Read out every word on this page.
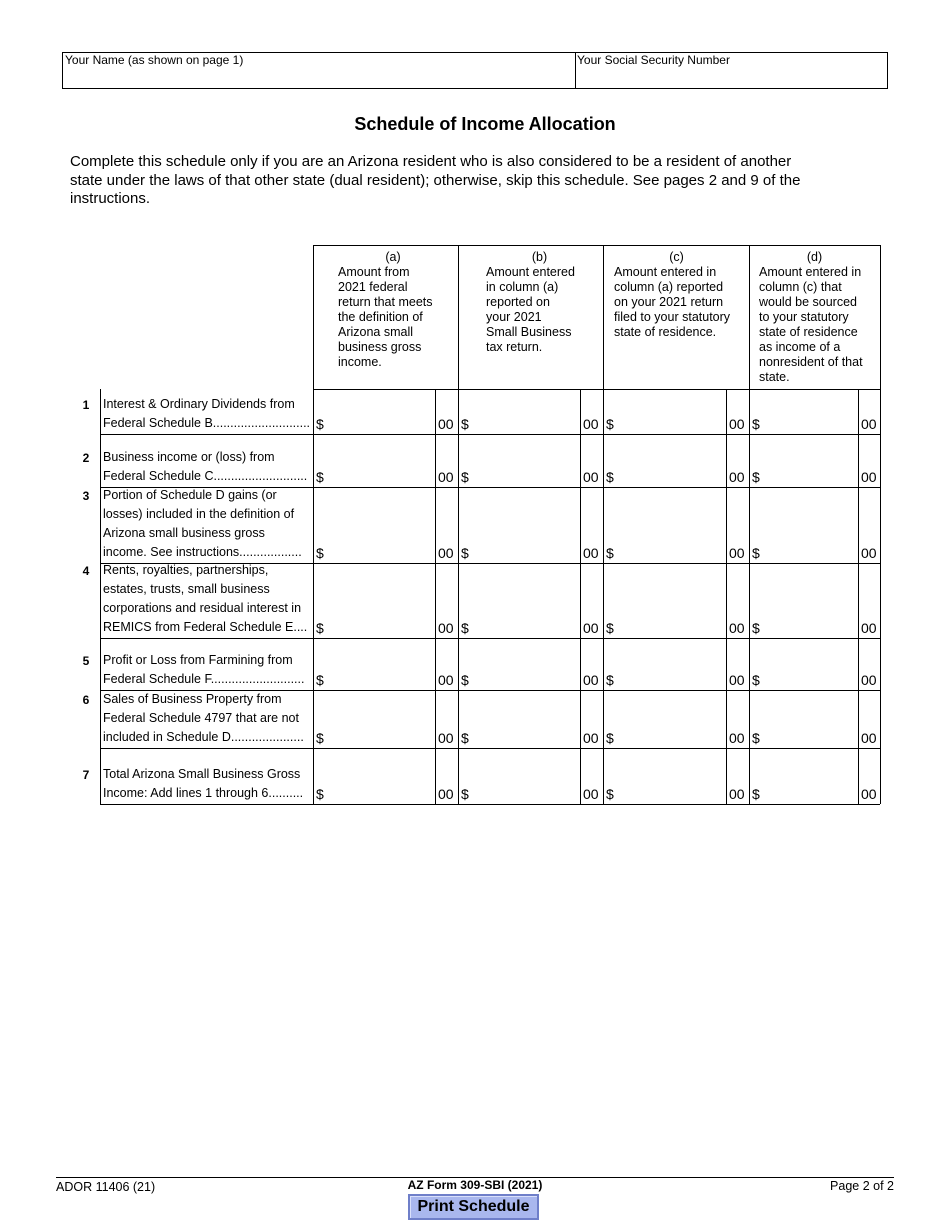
Your Name (as shown on page 1)	Your Social Security Number
Schedule of Income Allocation
Complete this schedule only if you are an Arizona resident who is also considered to be a resident of another
state under the laws of that other state (dual resident); otherwise, skip this schedule. See pages 2 and 9 of the
instructions.
(a)
Amount from
2021 federal
return that meets
the definition of
Arizona small
business gross
income.
(b)
Amount entered
in column (a)
reported on
your 2021
Small Business
tax return.
(c)
Amount entered in
column (a) reported
on your 2021 return
filed to your statutory
state of residence.
(d)
Amount entered in
column (c) that
would be sourced
to your statutory
state of residence
as income of a
nonresident of that
state.
1 Interest & Ordinary Dividends from
Federal Schedule B............................ $	00 $	00 $	00 $	00
2 Business income or (loss) from
Federal Schedule C........................... $	00 $	00 $	00 $	00
3 Portion of Schedule D gains (or
losses) included in the definition of
Arizona small business gross
income. See instructions..................	$	00 $	00 $	00 $	00
4 Rents, royalties, partnerships,
estates, trusts, small business
corporations and residual interest in
REMICS from Federal Schedule E.... $	00 $	00 $	00 $	00
5 Profit or Loss from Farmining from
Federal Schedule F........................... $	00 $	00 $	00 $	00
6 Sales of Business Property from
Federal Schedule 4797 that are not
included in Schedule D..................... $	00 $	00 $	00 $	00
7 Total Arizona Small Business Gross
Income: Add lines 1 through 6.......... $	00 $	00 $	00 $	00
ADOR 11406 (21)	AZ Form 309-SBI (2021)	Page 2 of 2
Print Schedule
